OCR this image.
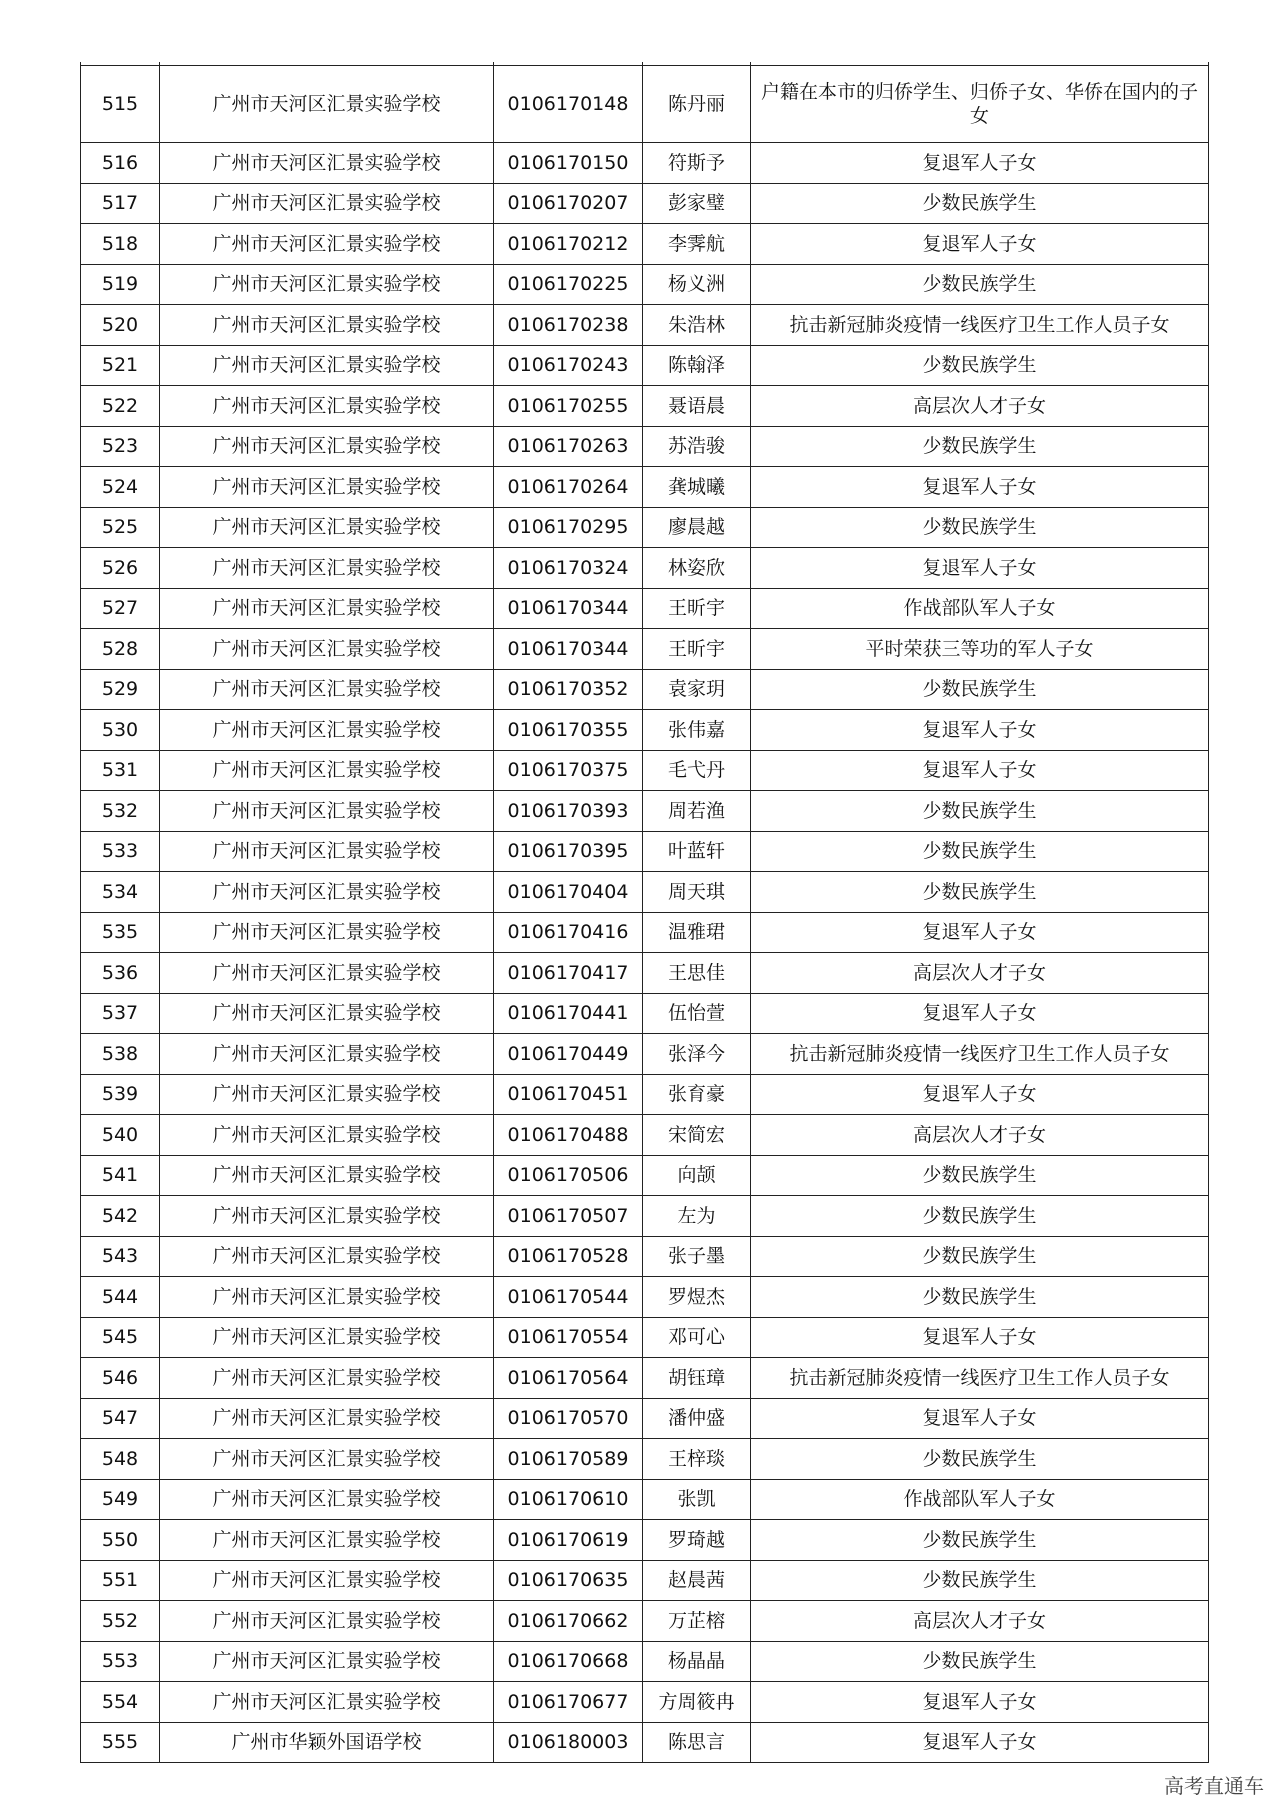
515	广州市天河区汇景实验学校	0106170148	陈丹丽	户籍在本市的归侨学生、归侨子女、华侨在国内的子女
516	广州市天河区汇景实验学校	0106170150	符斯予	复退军人子女
517	广州市天河区汇景实验学校	0106170207	彭家璧	少数民族学生
518	广州市天河区汇景实验学校	0106170212	李霁航	复退军人子女
519	广州市天河区汇景实验学校	0106170225	杨义洲	少数民族学生
520	广州市天河区汇景实验学校	0106170238	朱浩林	抗击新冠肺炎疫情一线医疗卫生工作人员子女
521	广州市天河区汇景实验学校	0106170243	陈翰泽	少数民族学生
522	广州市天河区汇景实验学校	0106170255	聂语晨	高层次人才子女
523	广州市天河区汇景实验学校	0106170263	苏浩骏	少数民族学生
524	广州市天河区汇景实验学校	0106170264	龚城曦	复退军人子女
525	广州市天河区汇景实验学校	0106170295	廖晨越	少数民族学生
526	广州市天河区汇景实验学校	0106170324	林姿欣	复退军人子女
527	广州市天河区汇景实验学校	0106170344	王昕宇	作战部队军人子女
528	广州市天河区汇景实验学校	0106170344	王昕宇	平时荣获三等功的军人子女
529	广州市天河区汇景实验学校	0106170352	袁家玥	少数民族学生
530	广州市天河区汇景实验学校	0106170355	张伟嘉	复退军人子女
531	广州市天河区汇景实验学校	0106170375	毛弋丹	复退军人子女
532	广州市天河区汇景实验学校	0106170393	周若渔	少数民族学生
533	广州市天河区汇景实验学校	0106170395	叶蓝轩	少数民族学生
534	广州市天河区汇景实验学校	0106170404	周天琪	少数民族学生
535	广州市天河区汇景实验学校	0106170416	温雅珺	复退军人子女
536	广州市天河区汇景实验学校	0106170417	王思佳	高层次人才子女
537	广州市天河区汇景实验学校	0106170441	伍怡萱	复退军人子女
538	广州市天河区汇景实验学校	0106170449	张泽今	抗击新冠肺炎疫情一线医疗卫生工作人员子女
539	广州市天河区汇景实验学校	0106170451	张育豪	复退军人子女
540	广州市天河区汇景实验学校	0106170488	宋简宏	高层次人才子女
541	广州市天河区汇景实验学校	0106170506	向颉	少数民族学生
542	广州市天河区汇景实验学校	0106170507	左为	少数民族学生
543	广州市天河区汇景实验学校	0106170528	张子墨	少数民族学生
544	广州市天河区汇景实验学校	0106170544	罗煜杰	少数民族学生
545	广州市天河区汇景实验学校	0106170554	邓可心	复退军人子女
546	广州市天河区汇景实验学校	0106170564	胡钰璋	抗击新冠肺炎疫情一线医疗卫生工作人员子女
547	广州市天河区汇景实验学校	0106170570	潘仲盛	复退军人子女
548	广州市天河区汇景实验学校	0106170589	王梓琰	少数民族学生
549	广州市天河区汇景实验学校	0106170610	张凯	作战部队军人子女
550	广州市天河区汇景实验学校	0106170619	罗琦越	少数民族学生
551	广州市天河区汇景实验学校	0106170635	赵晨茜	少数民族学生
552	广州市天河区汇景实验学校	0106170662	万芷榕	高层次人才子女
553	广州市天河区汇景实验学校	0106170668	杨晶晶	少数民族学生
554	广州市天河区汇景实验学校	0106170677	方周筱冉	复退军人子女
555	广州市华颖外国语学校	0106180003	陈思言	复退军人子女
高考直通车
